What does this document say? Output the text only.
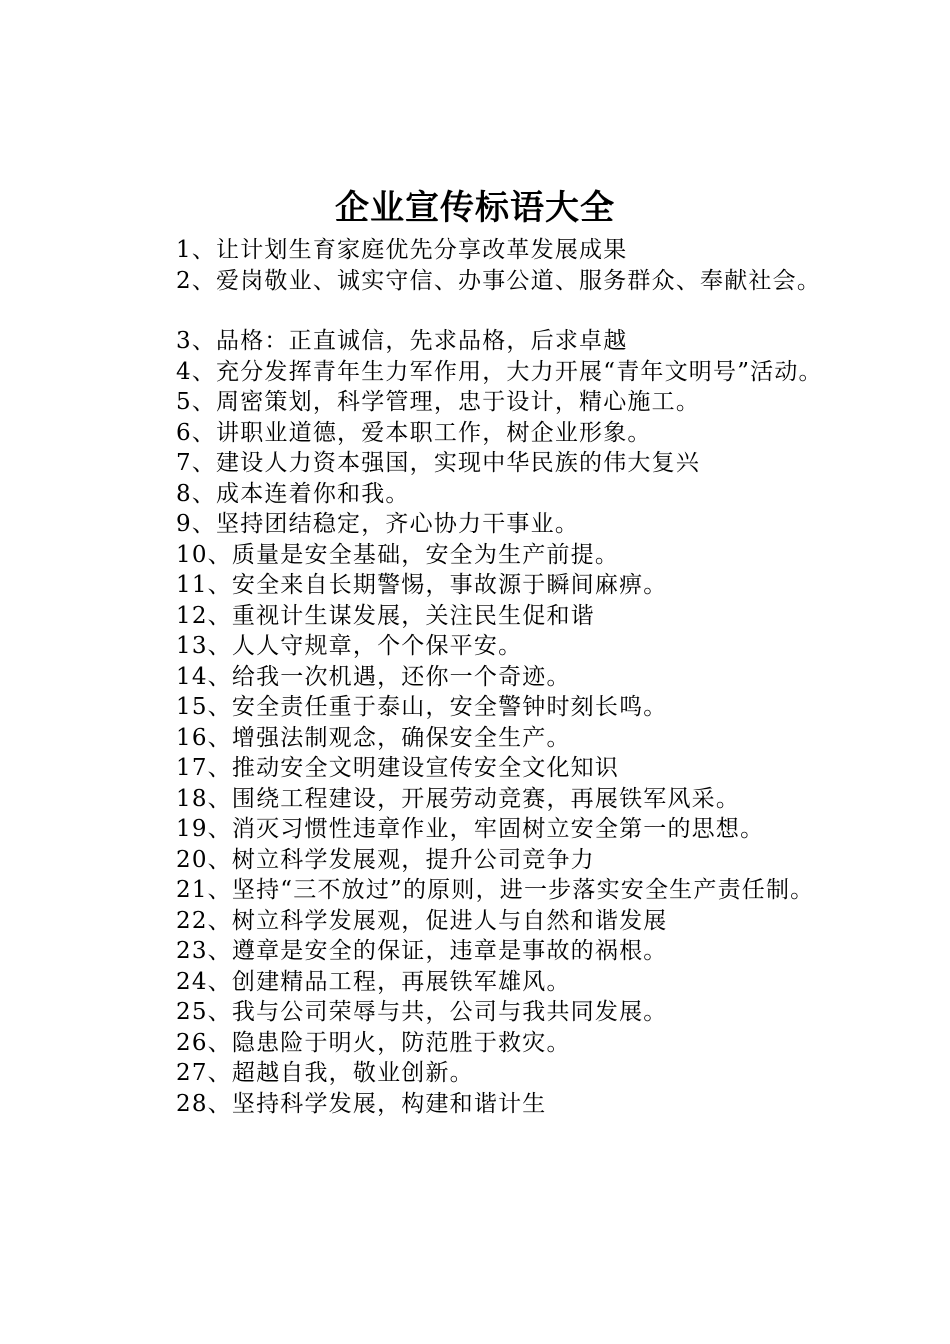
企业宣传标语大全

1、让计划生育家庭优先分享改革发展成果

2、爱岗敬业、诚实守信、办事公道、服务群众、奉献社会。

3、品格：正直诚信，先求品格，后求卓越

4、充分发挥青年生力军作用，大力开展“青年文明号”活动。

5、周密策划，科学管理，忠于设计，精心施工。

6、讲职业道德，爱本职工作，树企业形象。

7、建设人力资本强国，实现中华民族的伟大复兴

8、成本连着你和我。

9、坚持团结稳定，齐心协力干事业。

10、质量是安全基础，安全为生产前提。

11、安全来自长期警惕，事故源于瞬间麻痹。

12、重视计生谋发展，关注民生促和谐

13、人人守规章，个个保平安。

14、给我一次机遇，还你一个奇迹。

15、安全责任重于泰山，安全警钟时刻长鸣。

16、增强法制观念，确保安全生产。

17、推动安全文明建设宣传安全文化知识

18、围绕工程建设，开展劳动竞赛，再展铁军风采。

19、消灭习惯性违章作业，牢固树立安全第一的思想。

20、树立科学发展观，提升公司竞争力

21、坚持“三不放过”的原则，进一步落实安全生产责任制。

22、树立科学发展观，促进人与自然和谐发展

23、遵章是安全的保证，违章是事故的祸根。

24、创建精品工程，再展铁军雄风。

25、我与公司荣辱与共，公司与我共同发展。

26、隐患险于明火，防范胜于救灾。

27、超越自我，敬业创新。

28、坚持科学发展，构建和谐计生
